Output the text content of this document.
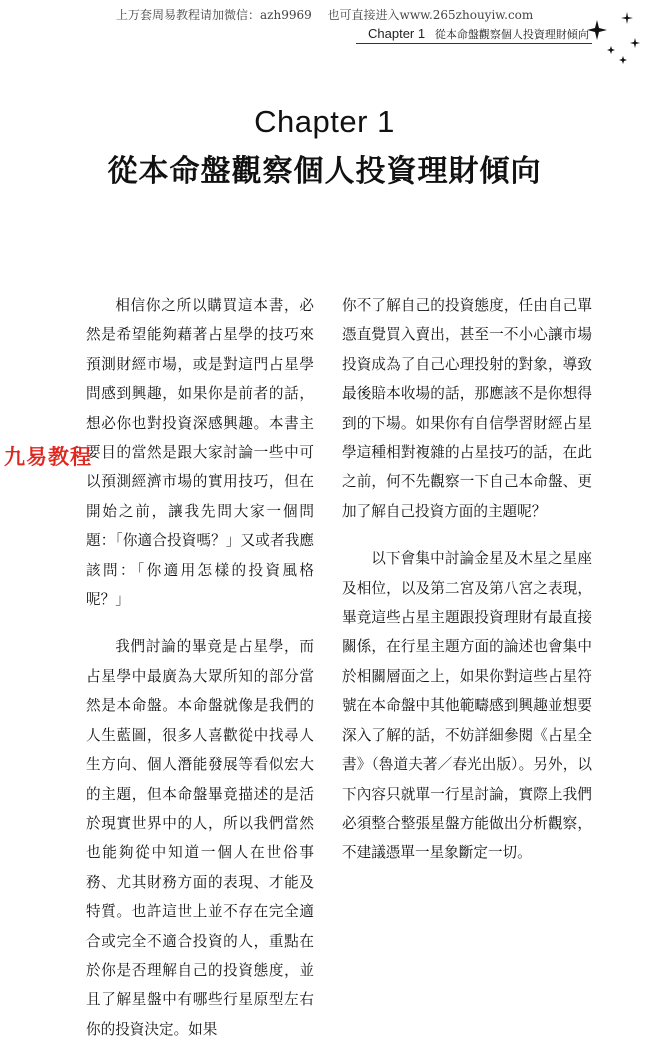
上万套周易教程请加微信：azh9969　 也可直接进入www.265zhouyiw.com
Chapter 1 從本命盤觀察個人投資理財傾向
Chapter 1
從本命盤觀察個人投資理財傾向

相信你之所以購買這本書，必然是希望能夠藉著占星學的技巧來預測財經市場，或是對這門占星學問感到興趣，如果你是前者的話，想必你也對投資深感興趣。本書主要目的當然是跟大家討論一些中可以預測經濟市場的實用技巧，但在開始之前，讓我先問大家一個問題：「你適合投資嗎？」又或者我應該問：「你適用怎樣的投資風格呢？」

我們討論的畢竟是占星學，而占星學中最廣為大眾所知的部分當然是本命盤。本命盤就像是我們的人生藍圖，很多人喜歡從中找尋人生方向、個人潛能發展等看似宏大的主題，但本命盤畢竟描述的是活於現實世界中的人，所以我們當然也能夠從中知道一個人在世俗事務、尤其財務方面的表現、才能及特質。也許這世上並不存在完全適合或完全不適合投資的人，重點在於你是否理解自己的投資態度，並且了解星盤中有哪些行星原型左右你的投資決定。如果

你不了解自己的投資態度，任由自己單憑直覺買入賣出，甚至一不小心讓市場投資成為了自己心理投射的對象，導致最後賠本收場的話，那應該不是你想得到的下場。如果你有自信學習財經占星學這種相對複雜的占星技巧的話，在此之前，何不先觀察一下自己本命盤、更加了解自己投資方面的主題呢？

以下會集中討論金星及木星之星座及相位，以及第二宮及第八宮之表現，畢竟這些占星主題跟投資理財有最直接關係，在行星主題方面的論述也會集中於相關層面之上，如果你對這些占星符號在本命盤中其他範疇感到興趣並想要深入了解的話，不妨詳細參閱《占星全書》（魯道夫著／春光出版）。另外，以下內容只就單一行星討論，實際上我們必須整合整張星盤方能做出分析觀察，不建議憑單一星象斷定一切。

九易教程
